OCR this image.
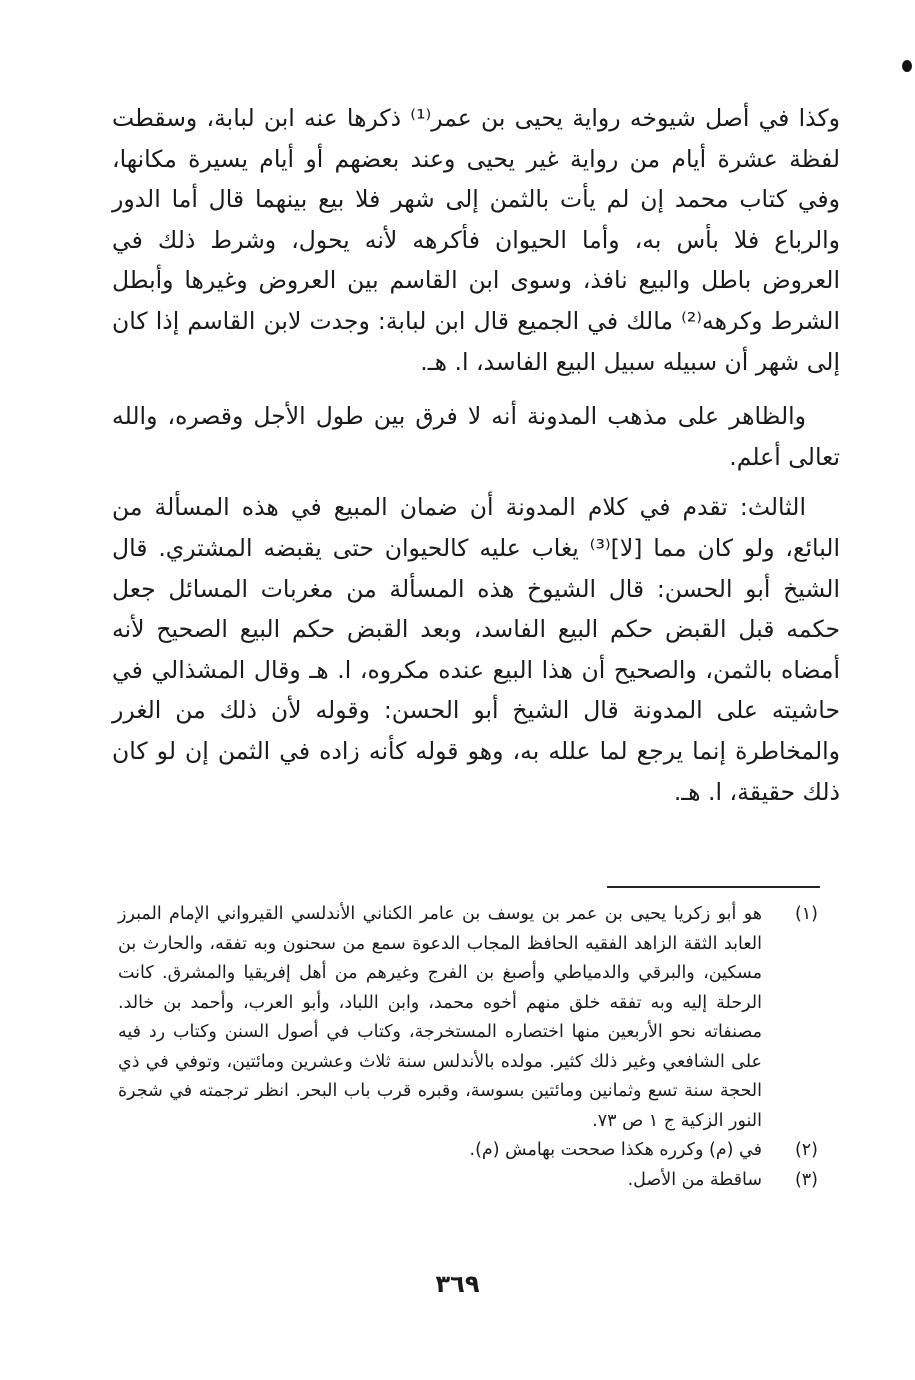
وكذا في أصل شيوخه رواية يحيى بن عمر⁽¹⁾ ذكرها عنه ابن لبابة، وسقطت لفظة عشرة أيام من رواية غير يحيى وعند بعضهم أو أيام يسيرة مكانها، وفي كتاب محمد إن لم يأت بالثمن إلى شهر فلا بيع بينهما قال أما الدور والرباع فلا بأس به، وأما الحيوان فأكرهه لأنه يحول، وشرط ذلك في العروض باطل والبيع نافذ، وسوى ابن القاسم بين العروض وغيرها وأبطل الشرط وكرهه⁽²⁾ مالك في الجميع قال ابن لبابة: وجدت لابن القاسم إذا كان إلى شهر أن سبيله سبيل البيع الفاسد، ا. هـ.

والظاهر على مذهب المدونة أنه لا فرق بين طول الأجل وقصره، والله تعالى أعلم.

الثالث: تقدم في كلام المدونة أن ضمان المبيع في هذه المسألة من البائع، ولو كان مما [لا]⁽³⁾ يغاب عليه كالحيوان حتى يقبضه المشتري. قال الشيخ أبو الحسن: قال الشيوخ هذه المسألة من مغربات المسائل جعل حكمه قبل القبض حكم البيع الفاسد، وبعد القبض حكم البيع الصحيح لأنه أمضاه بالثمن، والصحيح أن هذا البيع عنده مكروه، ا. هـ وقال المشذالي في حاشيته على المدونة قال الشيخ أبو الحسن: وقوله لأن ذلك من الغرر والمخاطرة إنما يرجع لما علله به، وهو قوله كأنه زاده في الثمن إن لو كان ذلك حقيقة، ا. هـ.

(١)
هو أبو زكريا يحيى بن عمر بن يوسف بن عامر الكناني الأندلسي القيرواني الإمام المبرز العابد الثقة الزاهد الفقيه الحافظ المجاب الدعوة سمع من سحنون وبه تفقه، والحارث بن مسكين، والبرقي والدمياطي وأصبغ بن الفرج وغيرهم من أهل إفريقيا والمشرق. كانت الرحلة إليه وبه تفقه خلق منهم أخوه محمد، وابن اللباد، وأبو العرب، وأحمد بن خالد. مصنفاته نحو الأربعين منها اختصاره المستخرجة، وكتاب في أصول السنن وكتاب رد فيه على الشافعي وغير ذلك كثير. مولده بالأندلس سنة ثلاث وعشرين ومائتين، وتوفي في ذي الحجة سنة تسع وثمانين ومائتين بسوسة، وقبره قرب باب البحر. انظر ترجمته في شجرة النور الزكية ج ١ ص ٧٣.
(٢)
في (م) وكرره هكذا صححت بهامش (م).
(٣)
ساقطة من الأصل.
٣٦٩
